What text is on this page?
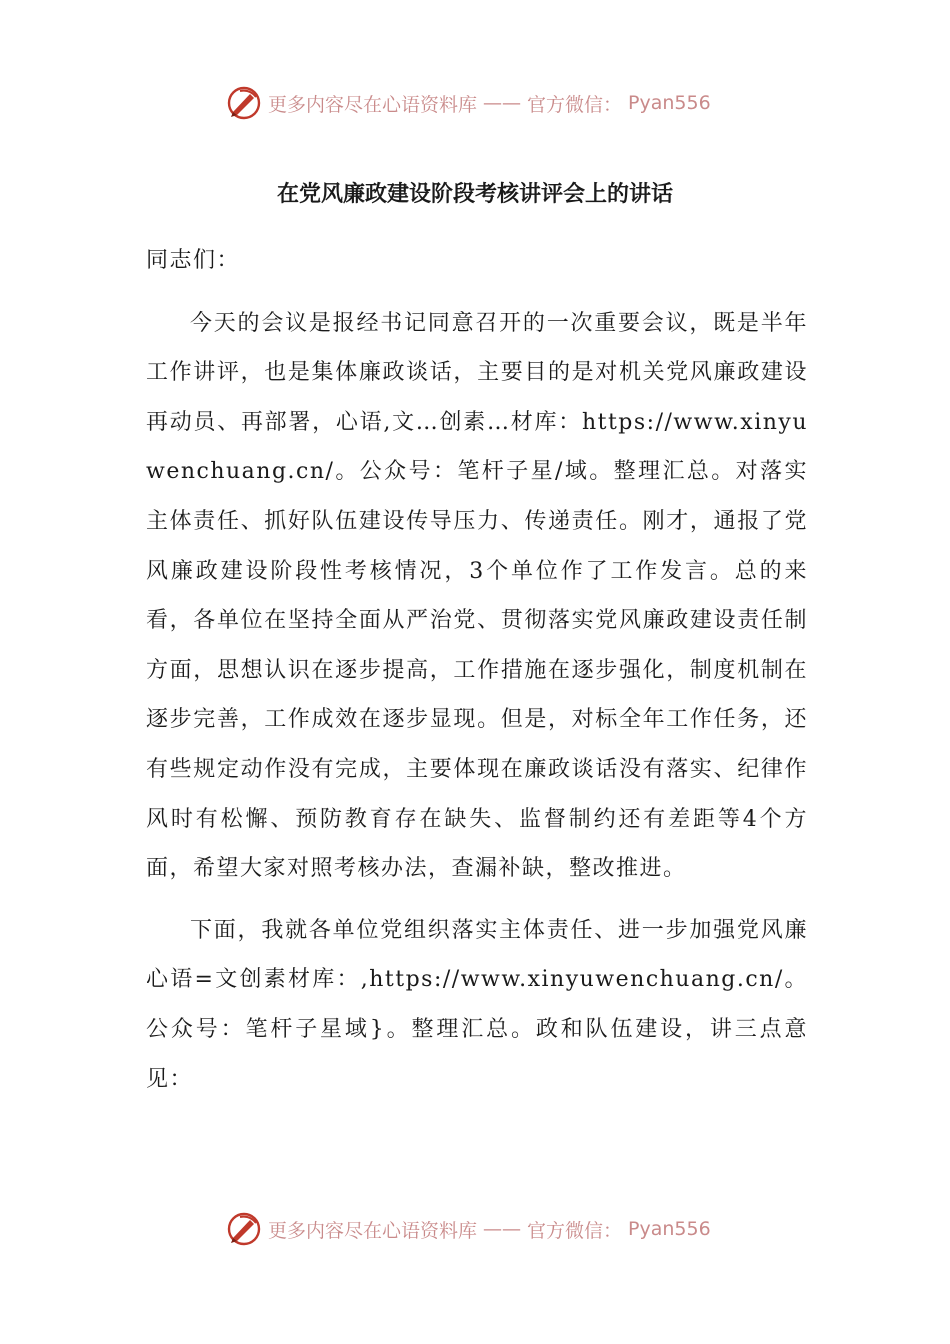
更多内容尽在心语资料库 —— 官方微信： Pyan556
在党风廉政建设阶段考核讲评会上的讲话

同志们：

今天的会议是报经书记同意召开的一次重要会议，既是半年工作讲评，也是集体廉政谈话，主要目的是对机关党风廉政建设再动员、再部署，心语,文…创素…材库：https://www.xinyuwenchuang.cn/。公众号：笔杆子星/域。整理汇总。对落实主体责任、抓好队伍建设传导压力、传递责任。刚才，通报了党风廉政建设阶段性考核情况，3个单位作了工作发言。总的来看，各单位在坚持全面从严治党、贯彻落实党风廉政建设责任制方面，思想认识在逐步提高，工作措施在逐步强化，制度机制在逐步完善，工作成效在逐步显现。但是，对标全年工作任务，还有些规定动作没有完成，主要体现在廉政谈话没有落实、纪律作风时有松懈、预防教育存在缺失、监督制约还有差距等4个方面，希望大家对照考核办法，查漏补缺，整改推进。

下面，我就各单位党组织落实主体责任、进一步加强党风廉心语=文创素材库：,https://www.xinyuwenchuang.cn/。公众号：笔杆子星域}。整理汇总。政和队伍建设，讲三点意见：

更多内容尽在心语资料库 —— 官方微信： Pyan556
